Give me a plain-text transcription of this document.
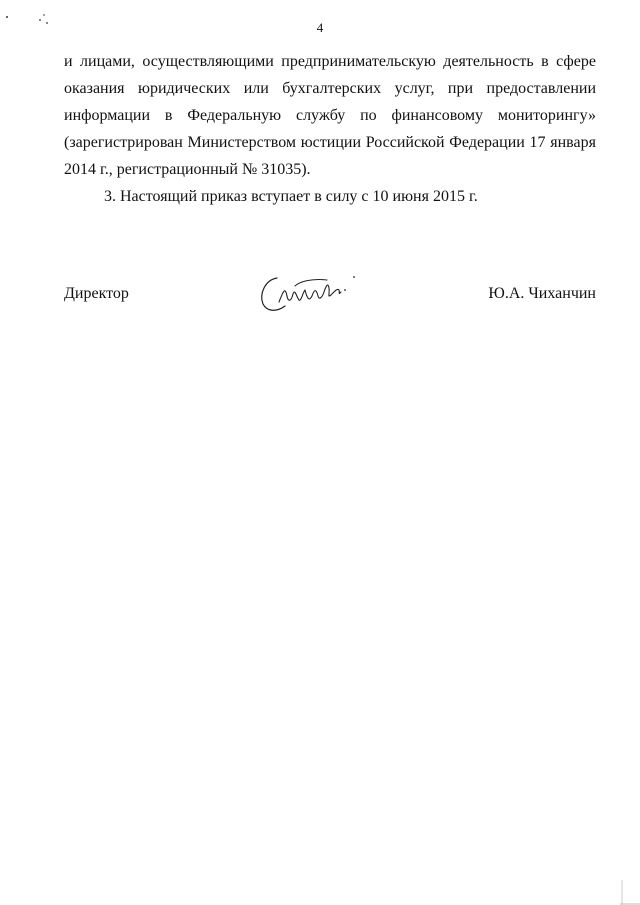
4
и лицами, осуществляющими предпринимательскую деятельность в сфере
оказания юридических или бухгалтерских услуг, при предоставлении
информации в Федеральную службу по финансовому мониторингу»
(зарегистрирован Министерством юстиции Российской Федерации 17 января
2014 г., регистрационный № 31035).
3. Настоящий приказ вступает в силу с 10 июня 2015 г.
Директор	Ю.А. Чиханчин
